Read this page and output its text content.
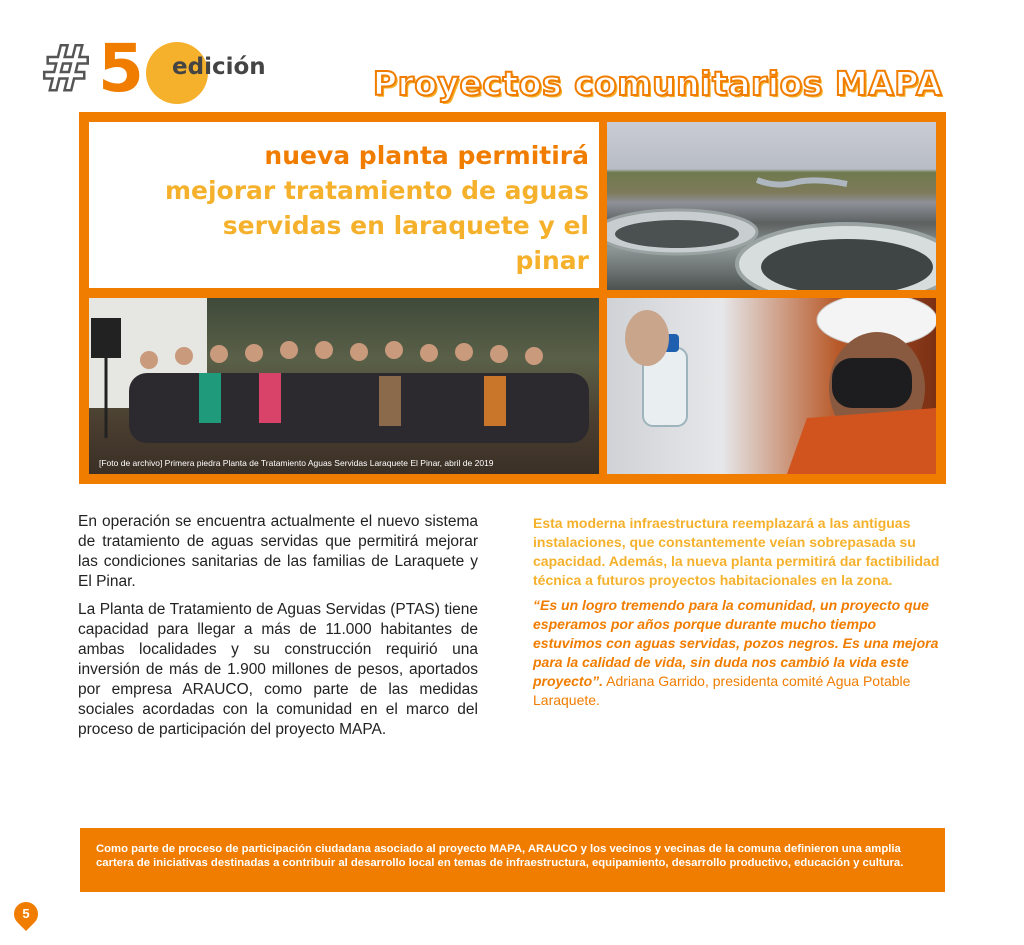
# 5 edición	Proyectos comunitarios MAPA
nueva planta permitirá
mejorar tratamiento de aguas
servidas en laraquete y el
pinar
[Foto de archivo] Primera piedra Planta de Tratamiento Aguas Servidas Laraquete El Pinar, abril de 2019

En operación se encuentra actualmente el nuevo sistema de tratamiento de aguas servidas que permitirá mejorar las condiciones sanitarias de las familias de Laraquete y El Pinar.

La Planta de Tratamiento de Aguas Servidas (PTAS) tiene capacidad para llegar a más de 11.000 habitantes de ambas localidades y su construcción requirió una inversión de más de 1.900 millones de pesos, aportados por empresa ARAUCO, como parte de las medidas sociales acordadas con la comunidad en el marco del proceso de participación del proyecto MAPA.

Esta moderna infraestructura reemplazará a las antiguas instalaciones, que constantemente veían sobrepasada su capacidad. Además, la nueva planta permitirá dar factibilidad técnica a futuros proyectos habitacionales en la zona.

“Es un logro tremendo para la comunidad, un proyecto que esperamos por años porque durante mucho tiempo estuvimos con aguas servidas, pozos negros. Es una mejora para la calidad de vida, sin duda nos cambió la vida este proyecto”. Adriana Garrido, presidenta comité Agua Potable Laraquete.

Como parte de proceso de participación ciudadana asociado al proyecto MAPA, ARAUCO y los vecinos y vecinas de la comuna definieron una amplia cartera de iniciativas destinadas a contribuir al desarrollo local en temas de infraestructura, equipamiento, desarrollo productivo, educación y cultura.
5
